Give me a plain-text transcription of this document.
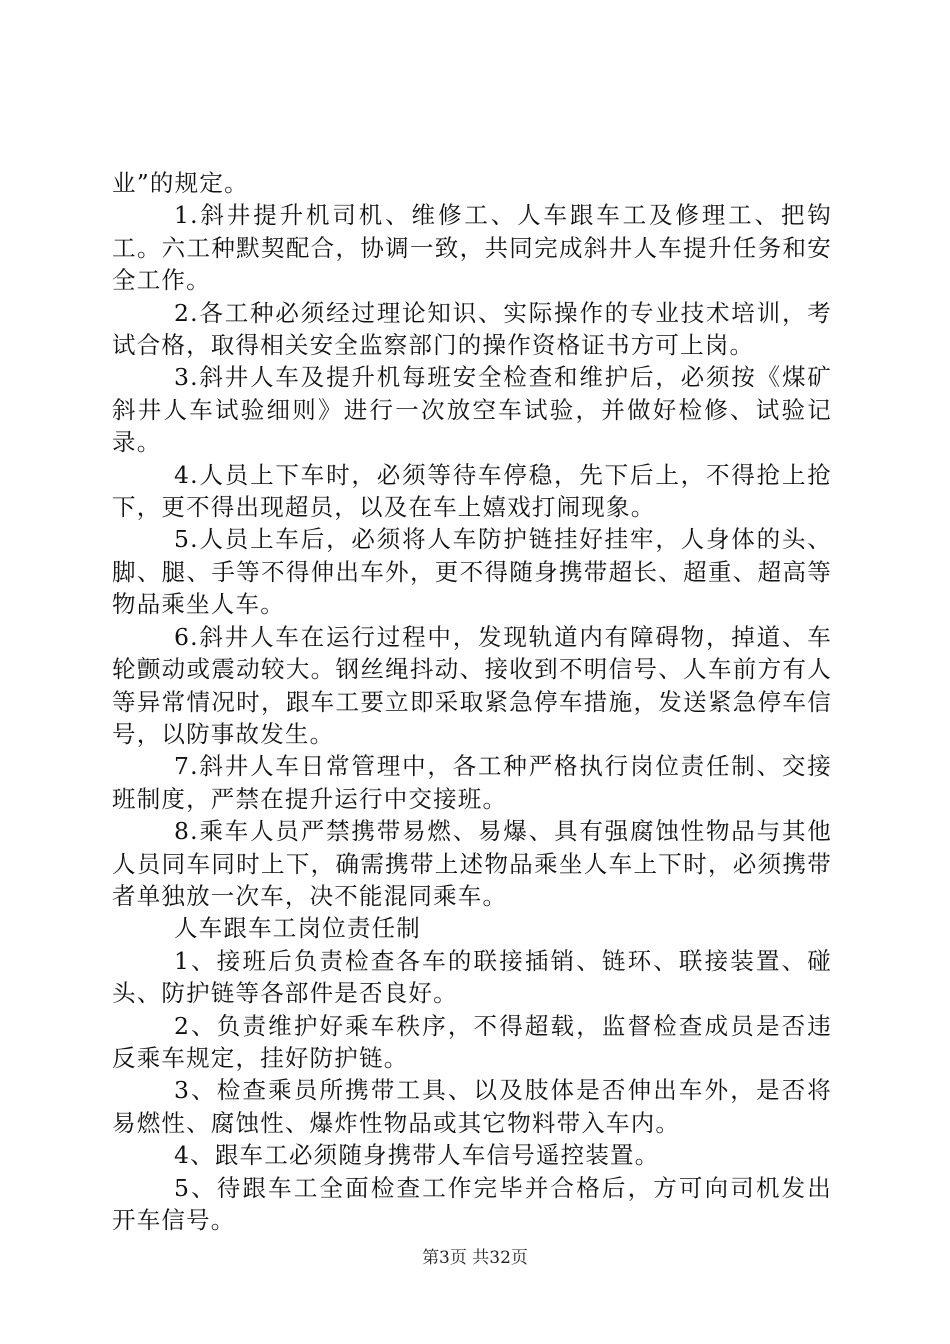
业”的规定。

1.斜井提升机司机、维修工、人车跟车工及修理工、把钩工。六工种默契配合，协调一致，共同完成斜井人车提升任务和安全工作。

2.各工种必须经过理论知识、实际操作的专业技术培训，考试合格，取得相关安全监察部门的操作资格证书方可上岗。

3.斜井人车及提升机每班安全检查和维护后，必须按《煤矿斜井人车试验细则》进行一次放空车试验，并做好检修、试验记录。

4.人员上下车时，必须等待车停稳，先下后上，不得抢上抢下，更不得出现超员，以及在车上嬉戏打闹现象。

5.人员上车后，必须将人车防护链挂好挂牢，人身体的头、脚、腿、手等不得伸出车外，更不得随身携带超长、超重、超高等物品乘坐人车。

6.斜井人车在运行过程中，发现轨道内有障碍物，掉道、车轮颤动或震动较大。钢丝绳抖动、接收到不明信号、人车前方有人等异常情况时，跟车工要立即采取紧急停车措施，发送紧急停车信号，以防事故发生。

7.斜井人车日常管理中，各工种严格执行岗位责任制、交接班制度，严禁在提升运行中交接班。

8.乘车人员严禁携带易燃、易爆、具有强腐蚀性物品与其他人员同车同时上下，确需携带上述物品乘坐人车上下时，必须携带者单独放一次车，决不能混同乘车。

人车跟车工岗位责任制

1、接班后负责检查各车的联接插销、链环、联接装置、碰头、防护链等各部件是否良好。

2、负责维护好乘车秩序，不得超载，监督检查成员是否违反乘车规定，挂好防护链。

3、检查乘员所携带工具、以及肢体是否伸出车外，是否将易燃性、腐蚀性、爆炸性物品或其它物料带入车内。

4、跟车工必须随身携带人车信号遥控装置。

5、待跟车工全面检查工作完毕并合格后，方可向司机发出开车信号。

第3页 共32页
